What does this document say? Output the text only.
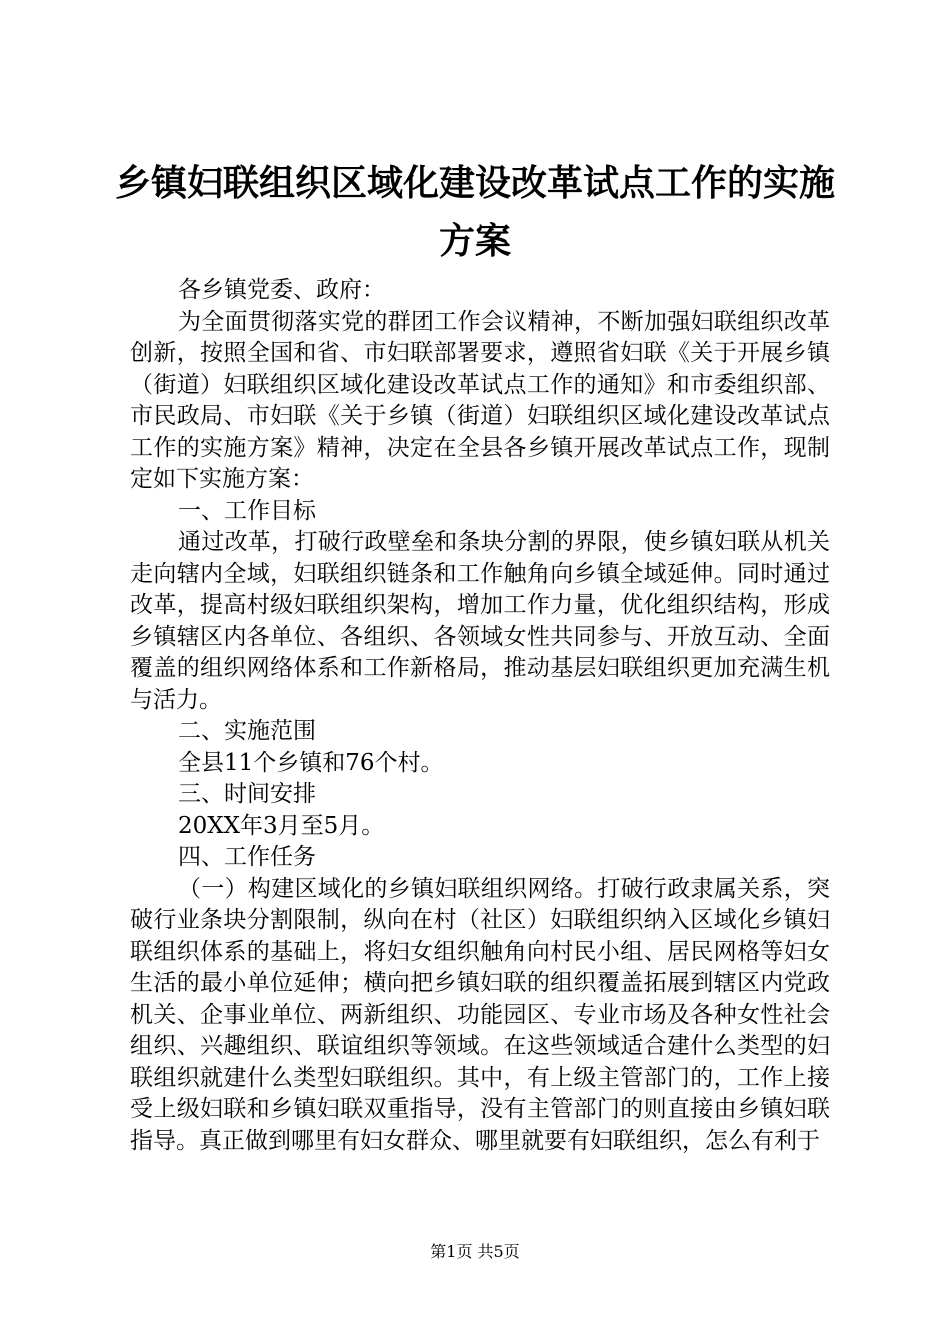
乡镇妇联组织区域化建设改革试点工作的实施
方案

各乡镇党委、政府：

为全面贯彻落实党的群团工作会议精神，不断加强妇联组织改革创新，按照全国和省、市妇联部署要求，遵照省妇联《关于开展乡镇（街道）妇联组织区域化建设改革试点工作的通知》和市委组织部、市民政局、市妇联《关于乡镇（街道）妇联组织区域化建设改革试点工作的实施方案》精神，决定在全县各乡镇开展改革试点工作，现制定如下实施方案：

一、工作目标

通过改革，打破行政壁垒和条块分割的界限，使乡镇妇联从机关走向辖内全域，妇联组织链条和工作触角向乡镇全域延伸。同时通过改革，提高村级妇联组织架构，增加工作力量，优化组织结构，形成乡镇辖区内各单位、各组织、各领域女性共同参与、开放互动、全面覆盖的组织网络体系和工作新格局，推动基层妇联组织更加充满生机与活力。

二、实施范围

全县11个乡镇和76个村。

三、时间安排

20XX年3月至5月。

四、工作任务

（一）构建区域化的乡镇妇联组织网络。打破行政隶属关系，突破行业条块分割限制，纵向在村（社区）妇联组织纳入区域化乡镇妇联组织体系的基础上，将妇女组织触角向村民小组、居民网格等妇女生活的最小单位延伸；横向把乡镇妇联的组织覆盖拓展到辖区内党政机关、企事业单位、两新组织、功能园区、专业市场及各种女性社会组织、兴趣组织、联谊组织等领域。在这些领域适合建什么类型的妇联组织就建什么类型妇联组织。其中，有上级主管部门的，工作上接受上级妇联和乡镇妇联双重指导，没有主管部门的则直接由乡镇妇联指导。真正做到哪里有妇女群众、哪里就要有妇联组织，怎么有利于

第1页 共5页
